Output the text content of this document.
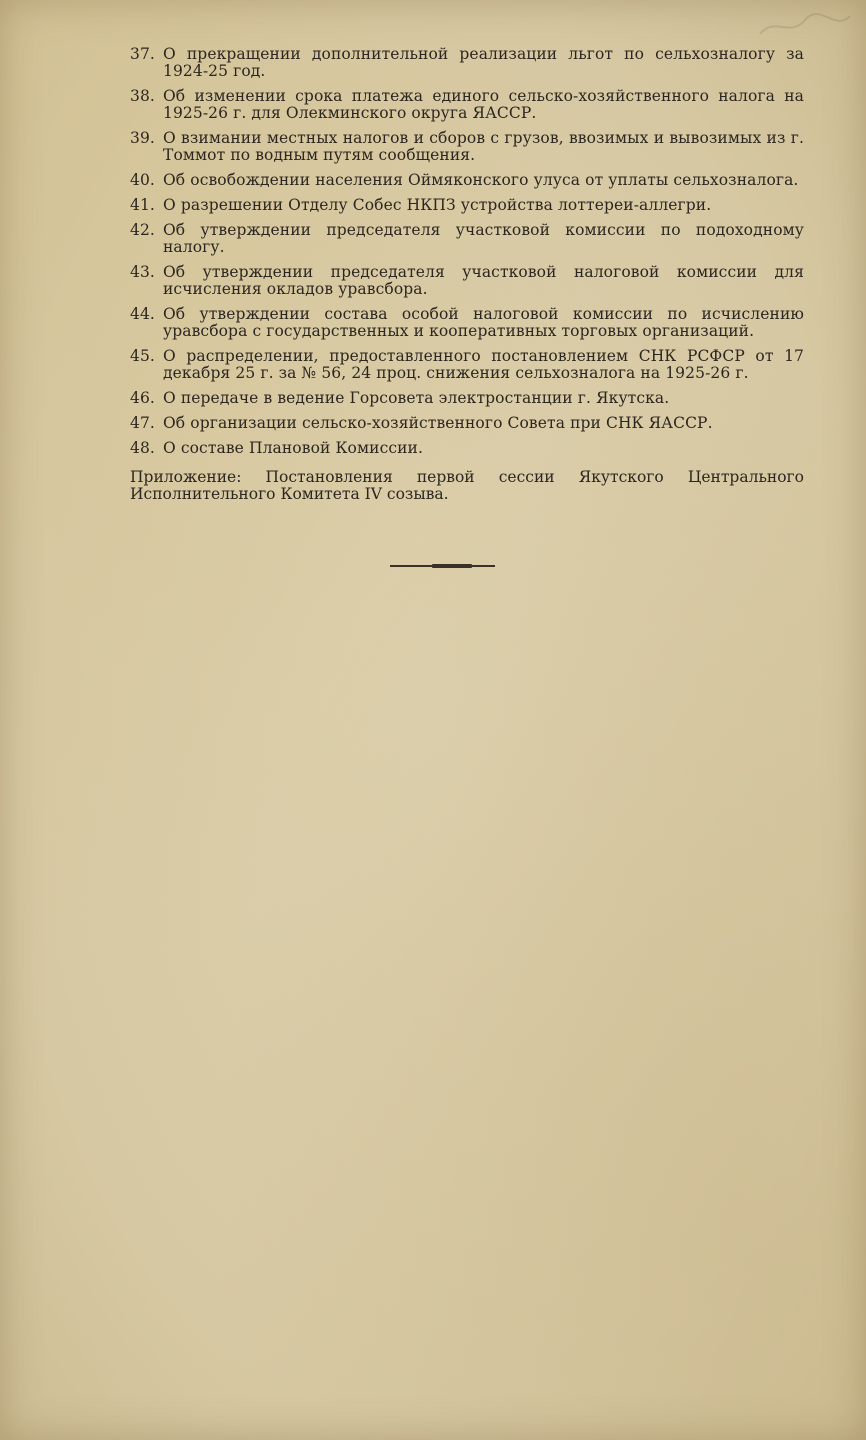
37. О прекращении дополнительной реализации льгот по сельхозналогу за 1924-25 год.
38. Об изменении срока платежа единого сельско-хозяйственного налога на 1925-26 г. для Олекминского округа ЯАССР.
39. О взимании местных налогов и сборов с грузов, ввозимых и вывозимых из г. Томмот по водным путям сообщения.
40. Об освобождении населения Оймяконского улуса от уплаты сельхозналога.
41. О разрешении Отделу Собес НКПЗ устройства лоттереи-аллегри.
42. Об утверждении председателя участковой комиссии по подоходному налогу.
43. Об утверждении председателя участковой налоговой комиссии для исчисления окладов уравсбора.
44. Об утверждении состава особой налоговой комиссии по исчислению уравсбора с государственных и кооперативных торговых организаций.
45. О распределении, предоставленного постановлением СНК РСФСР от 17 декабря 25 г. за № 56, 24 проц. снижения сельхозналога на 1925-26 г.
46. О передаче в ведение Горсовета электростанции г. Якутска.
47. Об организации сельско-хозяйственного Совета при СНК ЯАССР.
48. О составе Плановой Комиссии.
Приложение: Постановления первой сессии Якутского Центрального Исполнительного Комитета IV созыва.
